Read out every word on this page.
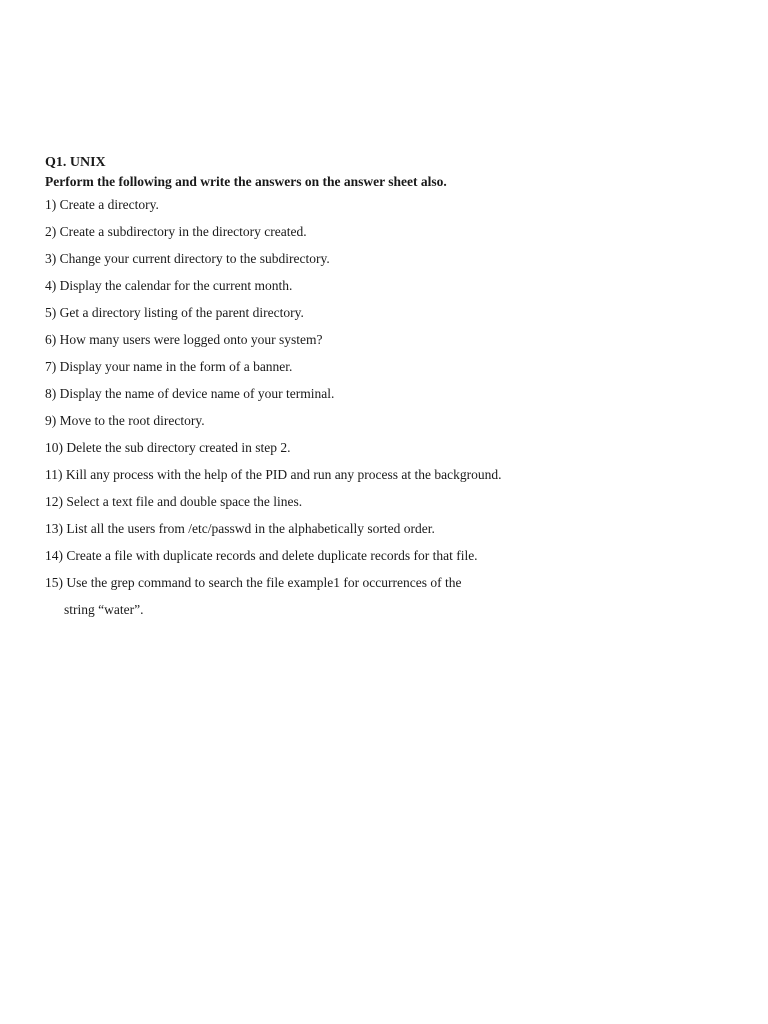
Q1. UNIX
Perform the following and write the answers on the answer sheet also.
1) Create a directory.
2) Create a subdirectory in the directory created.
3) Change your current directory to the subdirectory.
4) Display the calendar for the current month.
5) Get a directory listing of the parent directory.
6) How many users were logged onto your system?
7) Display your name in the form of a banner.
8) Display the name of device name of your terminal.
9) Move to the root directory.
10) Delete the sub directory created in step 2.
11) Kill any process with the help of the PID and run any process at the background.
12) Select a text file and double space the lines.
13) List all the users from /etc/passwd in the alphabetically sorted order.
14) Create a file with duplicate records and delete duplicate records for that file.
15) Use the grep command to search the file example1 for occurrences of the
string “water”.
